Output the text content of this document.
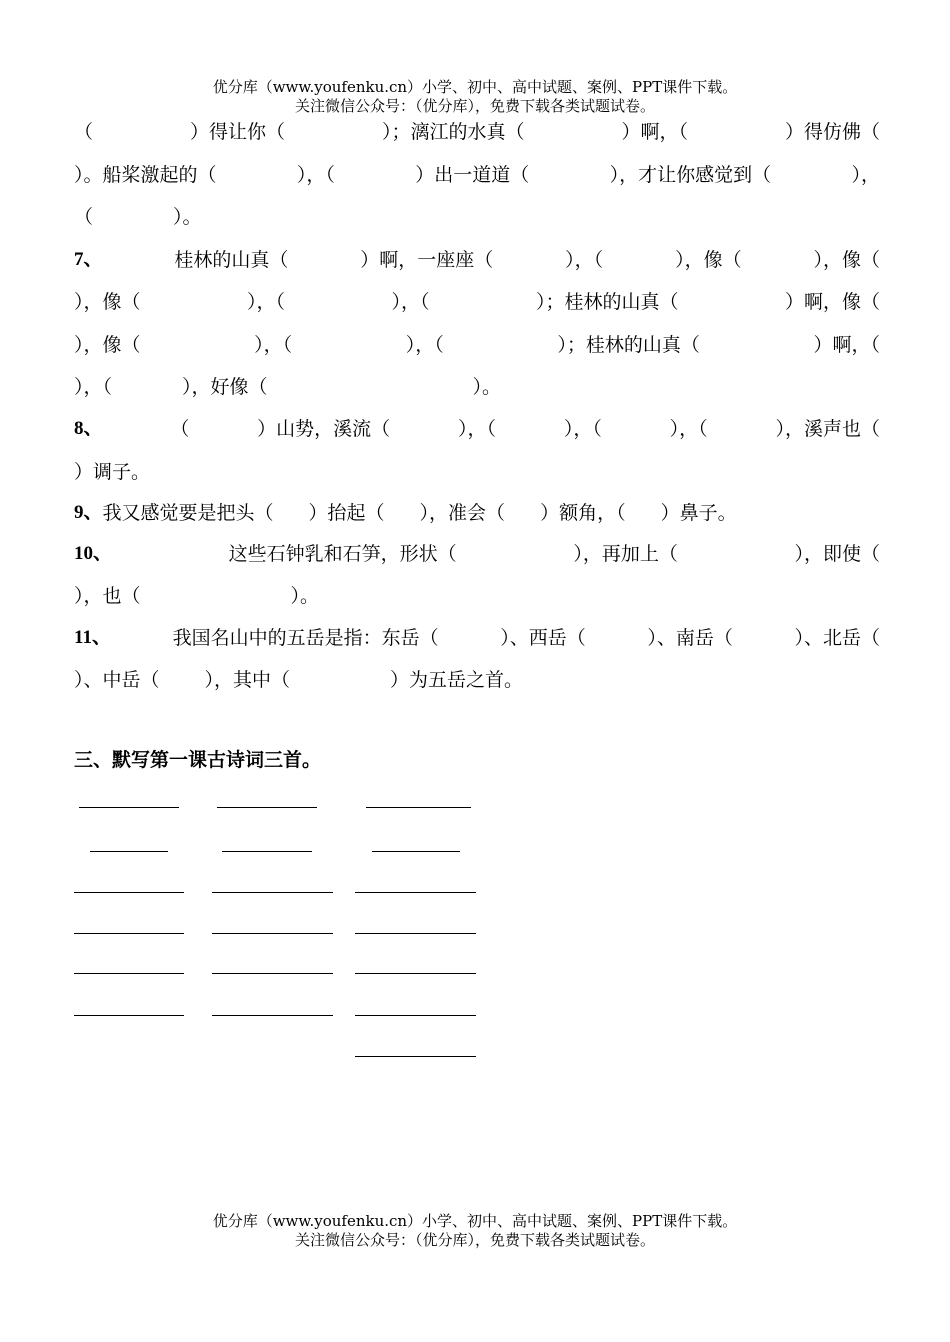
优分库（www.youfenku.cn）小学、初中、高中试题、案例、PPT课件下载。
关注微信公众号：（优分库），免费下载各类试题试卷。
（	）得让你（	）；漓江的水真（	）啊，（	）得仿佛（
）。船桨激起的（	），（	）出一道道（	），才让你感觉到（	），
（	）。
7、	桂林的山真（	）啊，一座座（	），（	），像（	），像（
），像（	），（	），（	）；桂林的山真（	）啊，像（
），像（	），（	），（	）；桂林的山真（	）啊，（
），（	），好像（	）。
8、	（	）山势，溪流（	），（	），（	），（	），溪声也（
）调子。
9、 我又感觉要是把头（ ）抬起（ ），准会（ ）额角，（ ）鼻子。
10、	这些石钟乳和石笋，形状（	），再加上（	），即使（
），也（	）。
11、	我国名山中的五岳是指：东岳（	）、西岳（	）、南岳（	）、北岳（
）、中岳（ ），其中（	）为五岳之首。
三、默写第一课古诗词三首。
优分库（www.youfenku.cn）小学、初中、高中试题、案例、PPT课件下载。
关注微信公众号：（优分库），免费下载各类试题试卷。
